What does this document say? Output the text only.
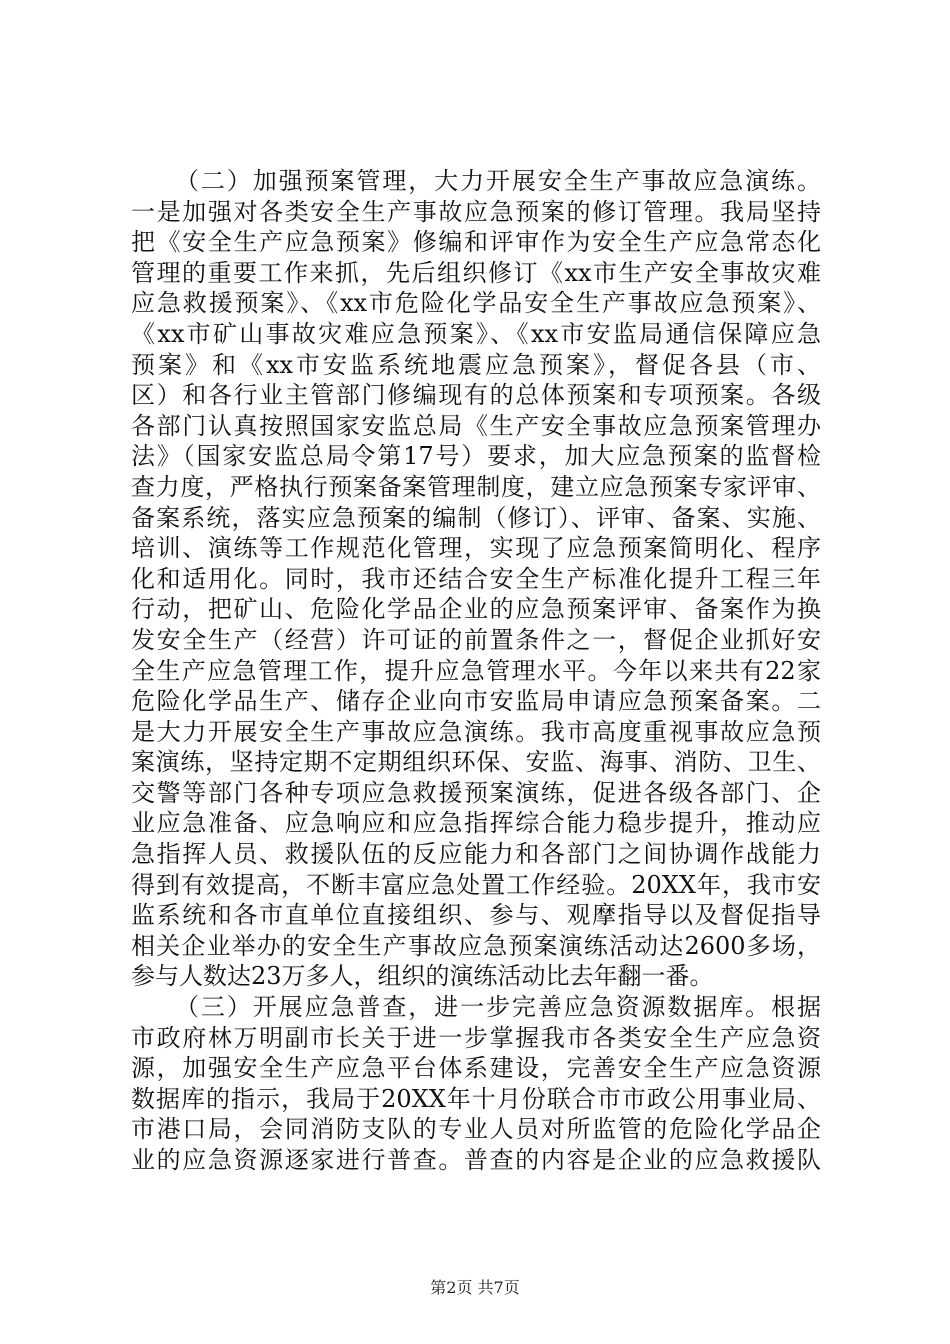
（二）加强预案管理，大力开展安全生产事故应急演练。
一是加强对各类安全生产事故应急预案的修订管理。我局坚持
把《安全生产应急预案》修编和评审作为安全生产应急常态化
管理的重要工作来抓，先后组织修订《xx市生产安全事故灾难
应急救援预案》、《xx市危险化学品安全生产事故应急预案》、
《xx市矿山事故灾难应急预案》、《xx市安监局通信保障应急
预案》和《xx市安监系统地震应急预案》，督促各县（市、
区）和各行业主管部门修编现有的总体预案和专项预案。各级
各部门认真按照国家安监总局《生产安全事故应急预案管理办
法》（国家安监总局令第17号）要求，加大应急预案的监督检
查力度，严格执行预案备案管理制度，建立应急预案专家评审、
备案系统，落实应急预案的编制（修订）、评审、备案、实施、
培训、演练等工作规范化管理，实现了应急预案简明化、程序
化和适用化。同时，我市还结合安全生产标准化提升工程三年
行动，把矿山、危险化学品企业的应急预案评审、备案作为换
发安全生产（经营）许可证的前置条件之一，督促企业抓好安
全生产应急管理工作，提升应急管理水平。今年以来共有22家
危险化学品生产、储存企业向市安监局申请应急预案备案。二
是大力开展安全生产事故应急演练。我市高度重视事故应急预
案演练，坚持定期不定期组织环保、安监、海事、消防、卫生、
交警等部门各种专项应急救援预案演练，促进各级各部门、企
业应急准备、应急响应和应急指挥综合能力稳步提升，推动应
急指挥人员、救援队伍的反应能力和各部门之间协调作战能力
得到有效提高，不断丰富应急处置工作经验。20XX年，我市安
监系统和各市直单位直接组织、参与、观摩指导以及督促指导
相关企业举办的安全生产事故应急预案演练活动达2600多场，
参与人数达23万多人，组织的演练活动比去年翻一番。
（三）开展应急普查，进一步完善应急资源数据库。根据
市政府林万明副市长关于进一步掌握我市各类安全生产应急资
源，加强安全生产应急平台体系建设，完善安全生产应急资源
数据库的指示，我局于20XX年十月份联合市市政公用事业局、
市港口局，会同消防支队的专业人员对所监管的危险化学品企
业的应急资源逐家进行普查。普查的内容是企业的应急救援队
第2页 共7页
